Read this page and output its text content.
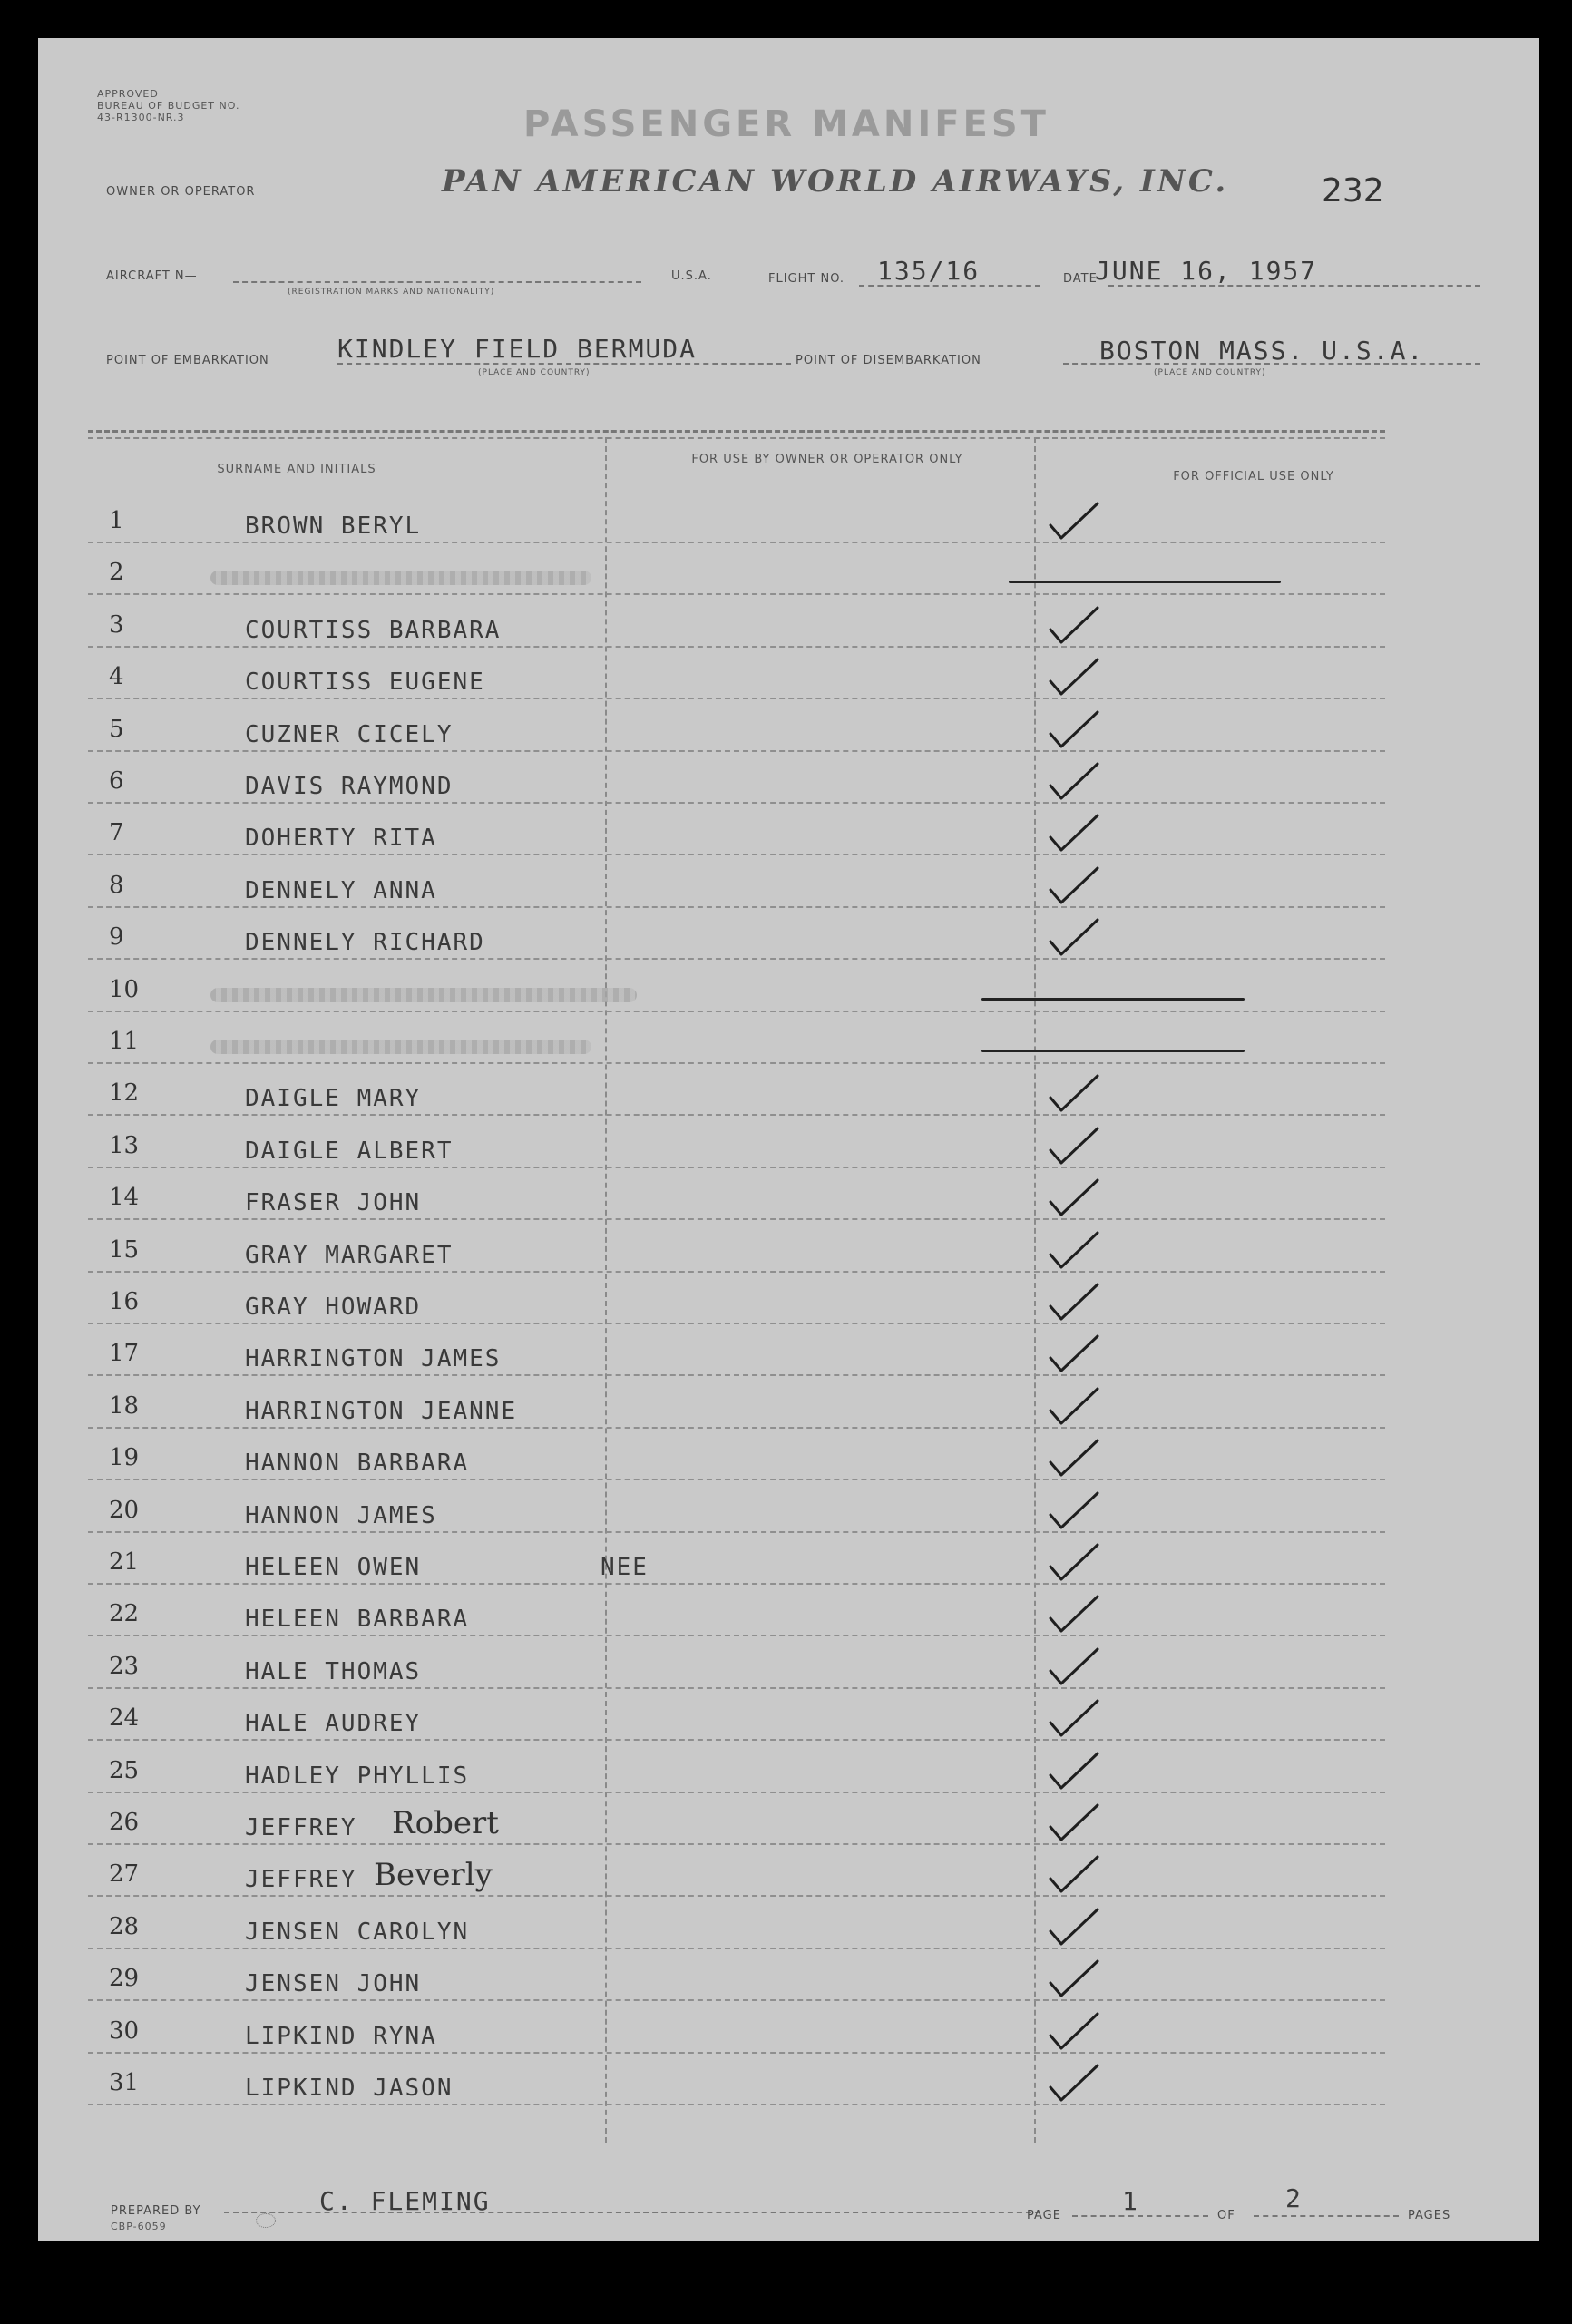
APPROVED
BUREAU OF BUDGET NO.
43-R1300-NR.3	PASSENGER MANIFEST
OWNER OR OPERATOR	PAN AMERICAN WORLD AIRWAYS, INC.	232
AIRCRAFT N—
(REGISTRATION MARKS AND NATIONALITY)
U.S.A.	FLIGHT NO. 135/16	DATE
JUNE 16, 1957
POINT OF EMBARKATION	KINDLEY FIELD BERMUDA
(PLACE AND COUNTRY)
POINT OF DISEMBARKATION	BOSTON MASS. U.S.A.
(PLACE AND COUNTRY)
SURNAME AND INITIALS
FOR USE BY OWNER OR OPERATOR ONLY
FOR OFFICIAL USE ONLY
1	BROWN BERYL
2
3	COURTISS BARBARA
4	COURTISS EUGENE
5	CUZNER CICELY
6	DAVIS RAYMOND
7	DOHERTY RITA
8	DENNELY ANNA
9	DENNELY RICHARD
10
11
12	DAIGLE MARY
13	DAIGLE ALBERT
14	FRASER JOHN
15	GRAY MARGARET
16	GRAY HOWARD
17	HARRINGTON JAMES
18	HARRINGTON JEANNE
19	HANNON BARBARA
20	HANNON JAMES
21	HELEEN OWEN	NEE
22	HELEEN BARBARA
23	HALE THOMAS
24	HALE AUDREY
25	HADLEY PHYLLIS
26	JEFFREY Robert
27	JEFFREY Beverly
28	JENSEN CAROLYN
29	JENSEN JOHN
30	LIPKIND RYNA
31	LIPKIND JASON
PREPARED BY
CBP-6059
C. FLEMING	PAGE 1	OF
2
PAGES
